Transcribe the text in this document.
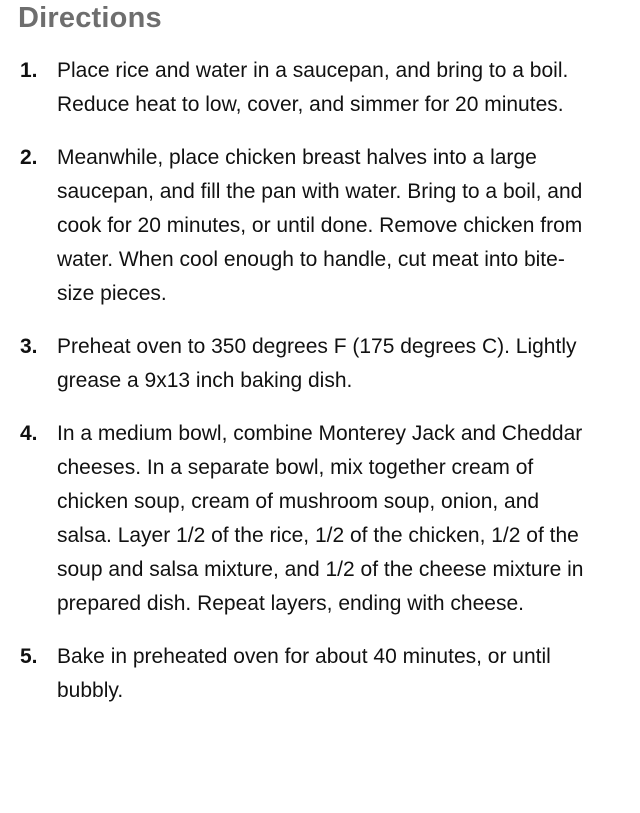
Directions
1. Place rice and water in a saucepan, and bring to a boil. Reduce heat to low, cover, and simmer for 20 minutes.
2. Meanwhile, place chicken breast halves into a large saucepan, and fill the pan with water. Bring to a boil, and cook for 20 minutes, or until done. Remove chicken from water. When cool enough to handle, cut meat into bite-size pieces.
3. Preheat oven to 350 degrees F (175 degrees C). Lightly grease a 9x13 inch baking dish.
4. In a medium bowl, combine Monterey Jack and Cheddar cheeses. In a separate bowl, mix together cream of chicken soup, cream of mushroom soup, onion, and salsa. Layer 1/2 of the rice, 1/2 of the chicken, 1/2 of the soup and salsa mixture, and 1/2 of the cheese mixture in prepared dish. Repeat layers, ending with cheese.
5. Bake in preheated oven for about 40 minutes, or until bubbly.
